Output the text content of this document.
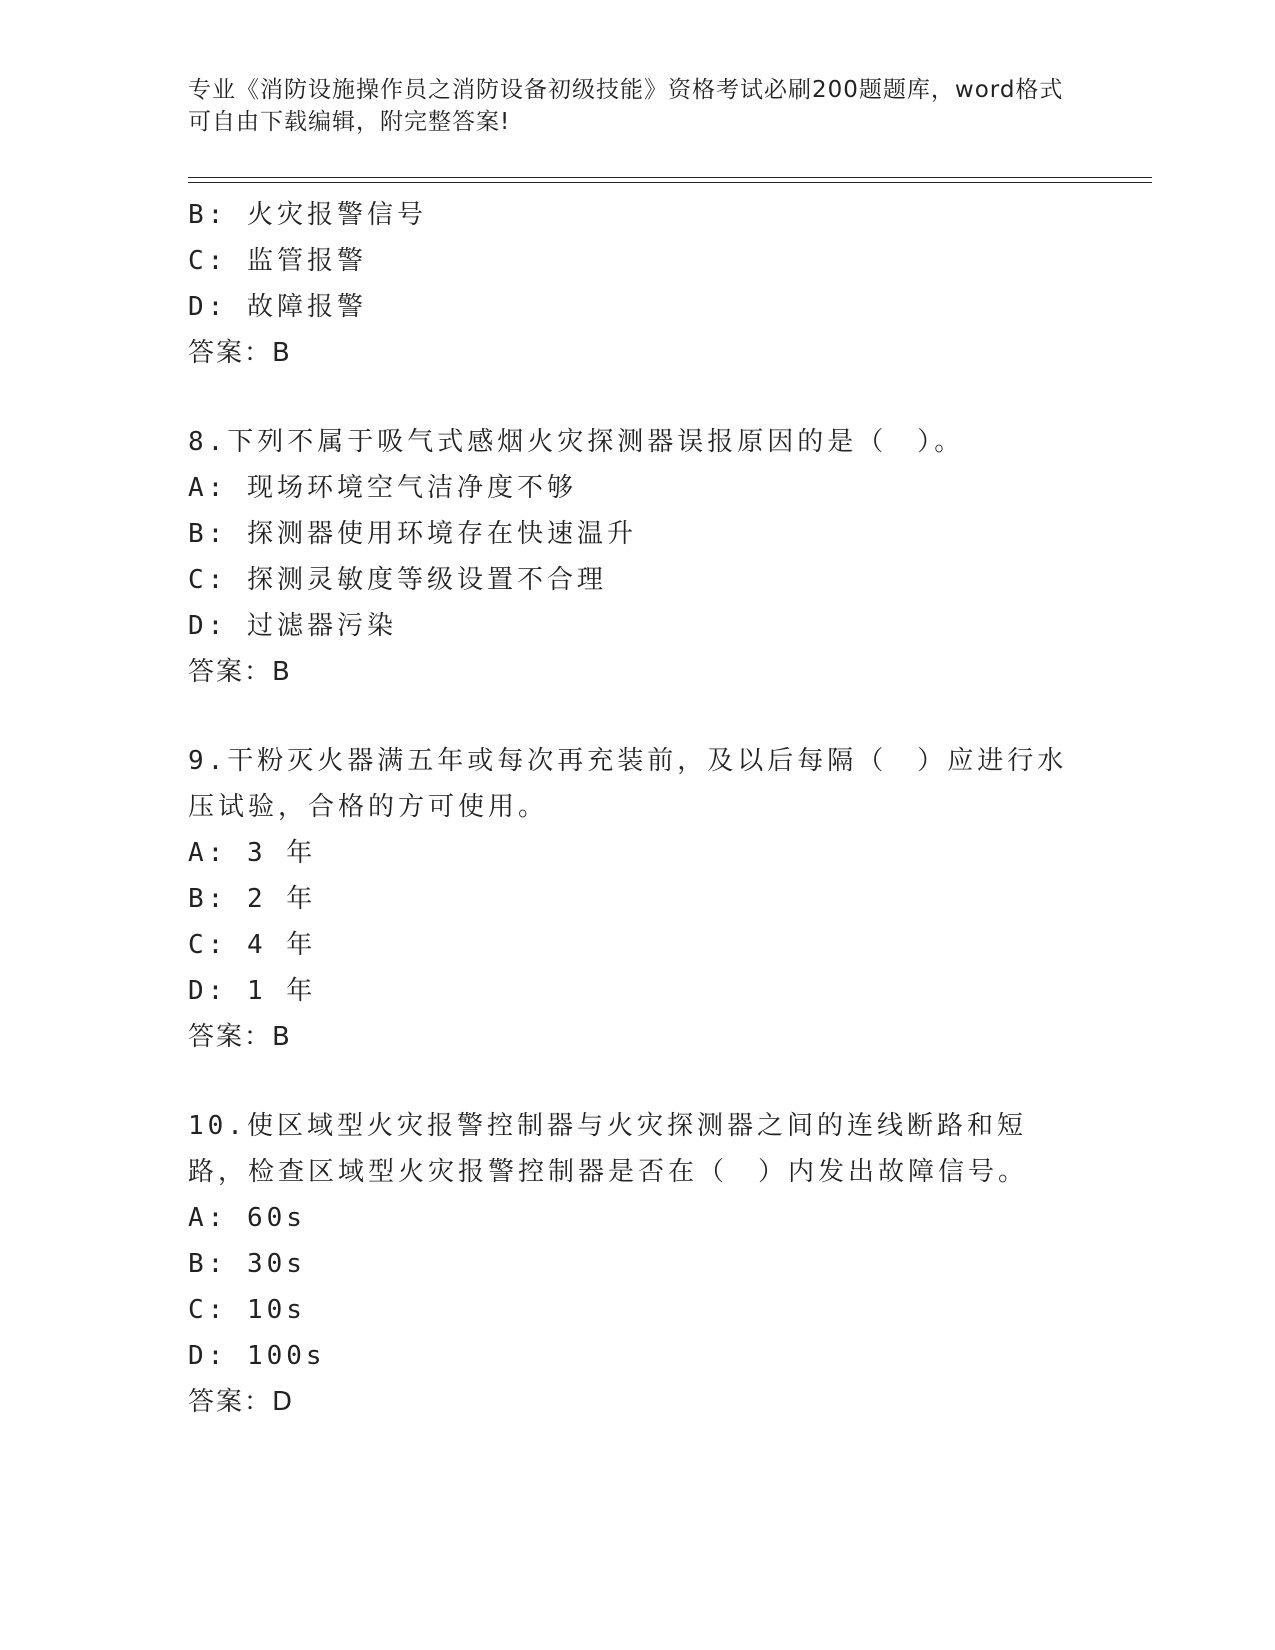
专业《消防设施操作员之消防设备初级技能》资格考试必刷200题题库，word格式可自由下载编辑，附完整答案!
B: 火灾报警信号
C: 监管报警
D: 故障报警
答案：B
8.下列不属于吸气式感烟火灾探测器误报原因的是（　）。
A: 现场环境空气洁净度不够
B: 探测器使用环境存在快速温升
C: 探测灵敏度等级设置不合理
D: 过滤器污染
答案：B
9.干粉灭火器满五年或每次再充装前，及以后每隔（　）应进行水压试验，合格的方可使用。
A: 3 年
B: 2 年
C: 4 年
D: 1 年
答案：B
10.使区域型火灾报警控制器与火灾探测器之间的连线断路和短路，检查区域型火灾报警控制器是否在（　）内发出故障信号。
A: 60s
B: 30s
C: 10s
D: 100s
答案：D
